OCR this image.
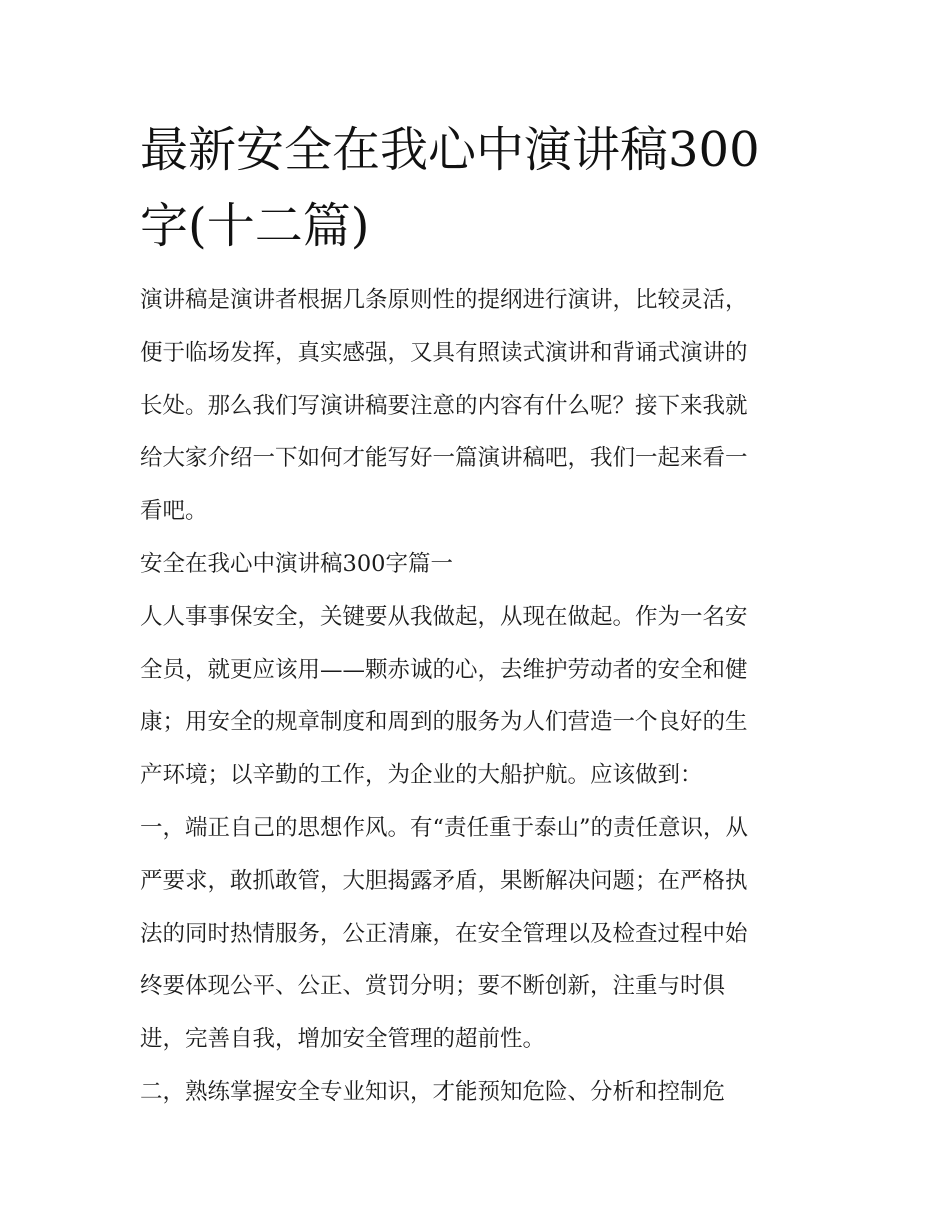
最新安全在我心中演讲稿300
字(十二篇)
演讲稿是演讲者根据几条原则性的提纲进行演讲，比较灵活，
便于临场发挥，真实感强，又具有照读式演讲和背诵式演讲的
长处。那么我们写演讲稿要注意的内容有什么呢？接下来我就
给大家介绍一下如何才能写好一篇演讲稿吧，我们一起来看一
看吧。
安全在我心中演讲稿300字篇一
人人事事保安全，关键要从我做起，从现在做起。作为一名安
全员，就更应该用——颗赤诚的心，去维护劳动者的安全和健
康；用安全的规章制度和周到的服务为人们营造一个良好的生
产环境；以辛勤的工作，为企业的大船护航。应该做到：
一，端正自己的思想作风。有“责任重于泰山”的责任意识，从
严要求，敢抓敢管，大胆揭露矛盾，果断解决问题；在严格执
法的同时热情服务，公正清廉，在安全管理以及检查过程中始
终要体现公平、公正、赏罚分明；要不断创新，注重与时俱
进，完善自我，增加安全管理的超前性。
二，熟练掌握安全专业知识，才能预知危险、分析和控制危
